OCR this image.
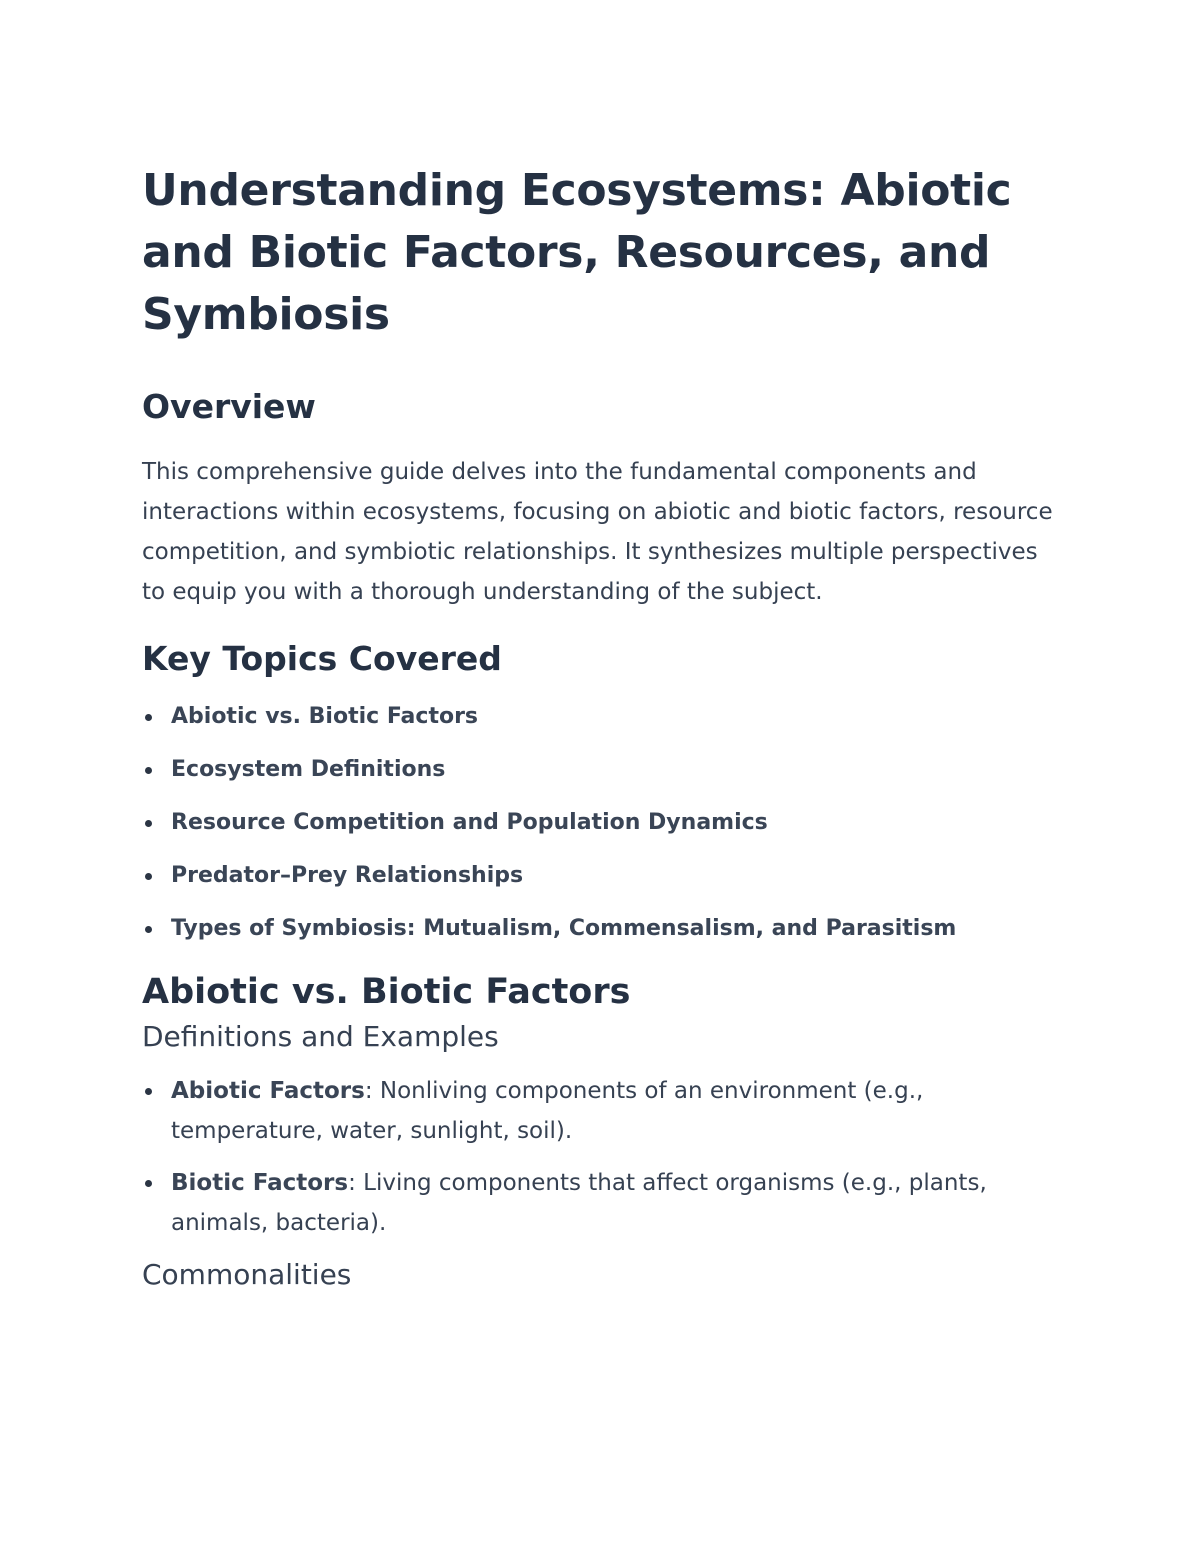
Understanding Ecosystems: Abiotic and Biotic Factors, Resources, and Symbiosis
Overview

This comprehensive guide delves into the fundamental components and interactions within ecosystems, focusing on abiotic and biotic factors, resource competition, and symbiotic relationships. It synthesizes multiple perspectives to equip you with a thorough understanding of the subject.

Key Topics Covered
Abiotic vs. Biotic Factors
Ecosystem Definitions
Resource Competition and Population Dynamics
Predator–Prey Relationships
Types of Symbiosis: Mutualism, Commensalism, and Parasitism
Abiotic vs. Biotic Factors
Definitions and Examples
Abiotic Factors: Nonliving components of an environment (e.g., temperature, water, sunlight, soil).
Biotic Factors: Living components that affect organisms (e.g., plants, animals, bacteria).
Commonalities
